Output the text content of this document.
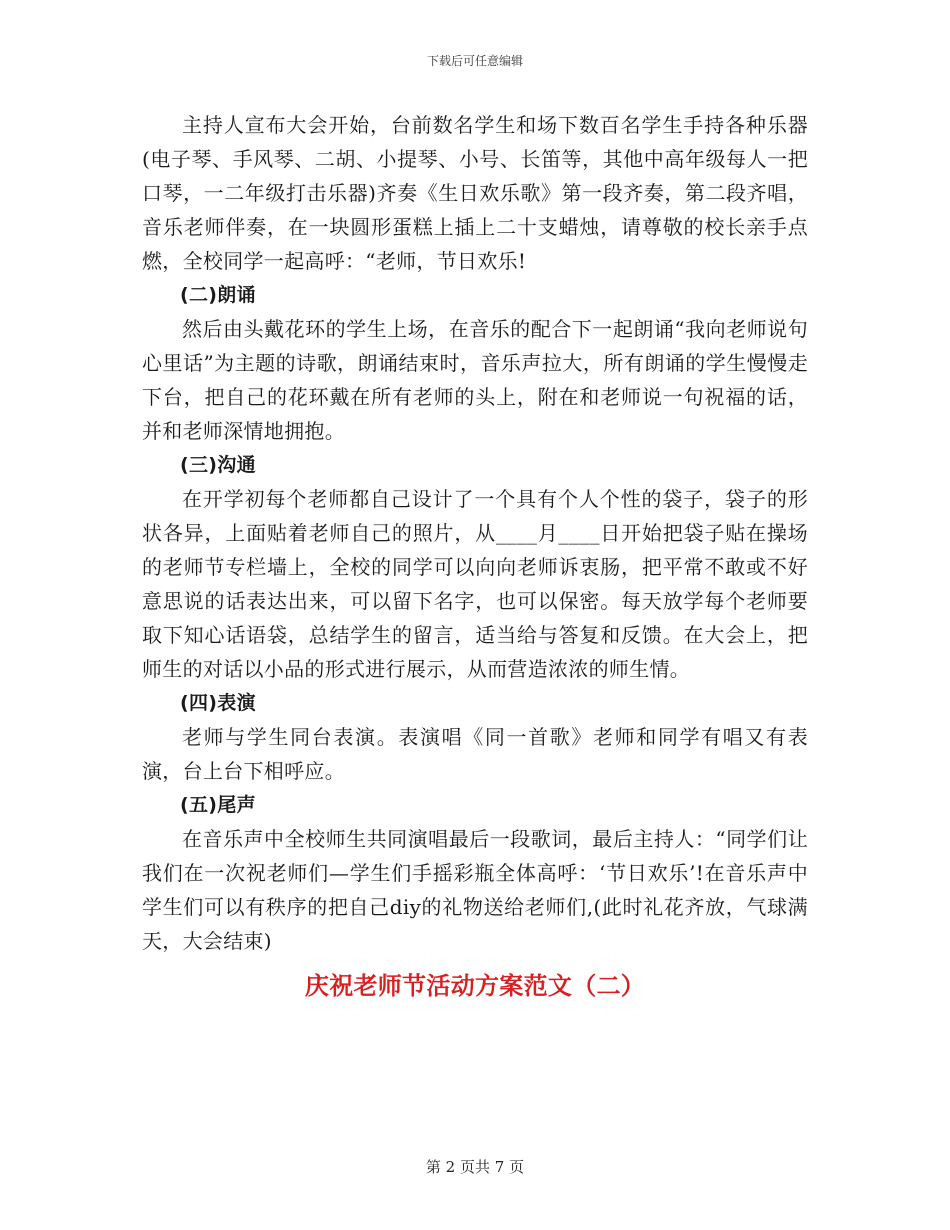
下载后可任意编辑

主持人宣布大会开始，台前数名学生和场下数百名学生手持各种乐器(电子琴、手风琴、二胡、小提琴、小号、长笛等，其他中高年级每人一把口琴，一二年级打击乐器)齐奏《生日欢乐歌》第一段齐奏，第二段齐唱，音乐老师伴奏，在一块圆形蛋糕上插上二十支蜡烛，请尊敬的校长亲手点燃，全校同学一起高呼：“老师，节日欢乐!

(二)朗诵

然后由头戴花环的学生上场，在音乐的配合下一起朗诵“我向老师说句心里话”为主题的诗歌，朗诵结束时，音乐声拉大，所有朗诵的学生慢慢走下台，把自己的花环戴在所有老师的头上，附在和老师说一句祝福的话，并和老师深情地拥抱。

(三)沟通

在开学初每个老师都自己设计了一个具有个人个性的袋子，袋子的形状各异，上面贴着老师自己的照片，从____月____日开始把袋子贴在操场的老师节专栏墙上，全校的同学可以向向老师诉衷肠，把平常不敢或不好意思说的话表达出来，可以留下名字，也可以保密。每天放学每个老师要取下知心话语袋，总结学生的留言，适当给与答复和反馈。在大会上，把师生的对话以小品的形式进行展示，从而营造浓浓的师生情。

(四)表演

老师与学生同台表演。表演唱《同一首歌》老师和同学有唱又有表演，台上台下相呼应。

(五)尾声

在音乐声中全校师生共同演唱最后一段歌词，最后主持人：“同学们让我们在一次祝老师们—学生们手摇彩瓶全体高呼：‘节日欢乐’!在音乐声中学生们可以有秩序的把自己diy的礼物送给老师们,(此时礼花齐放，气球满天，大会结束)

庆祝老师节活动方案范文（二）

第 2 页共 7 页
